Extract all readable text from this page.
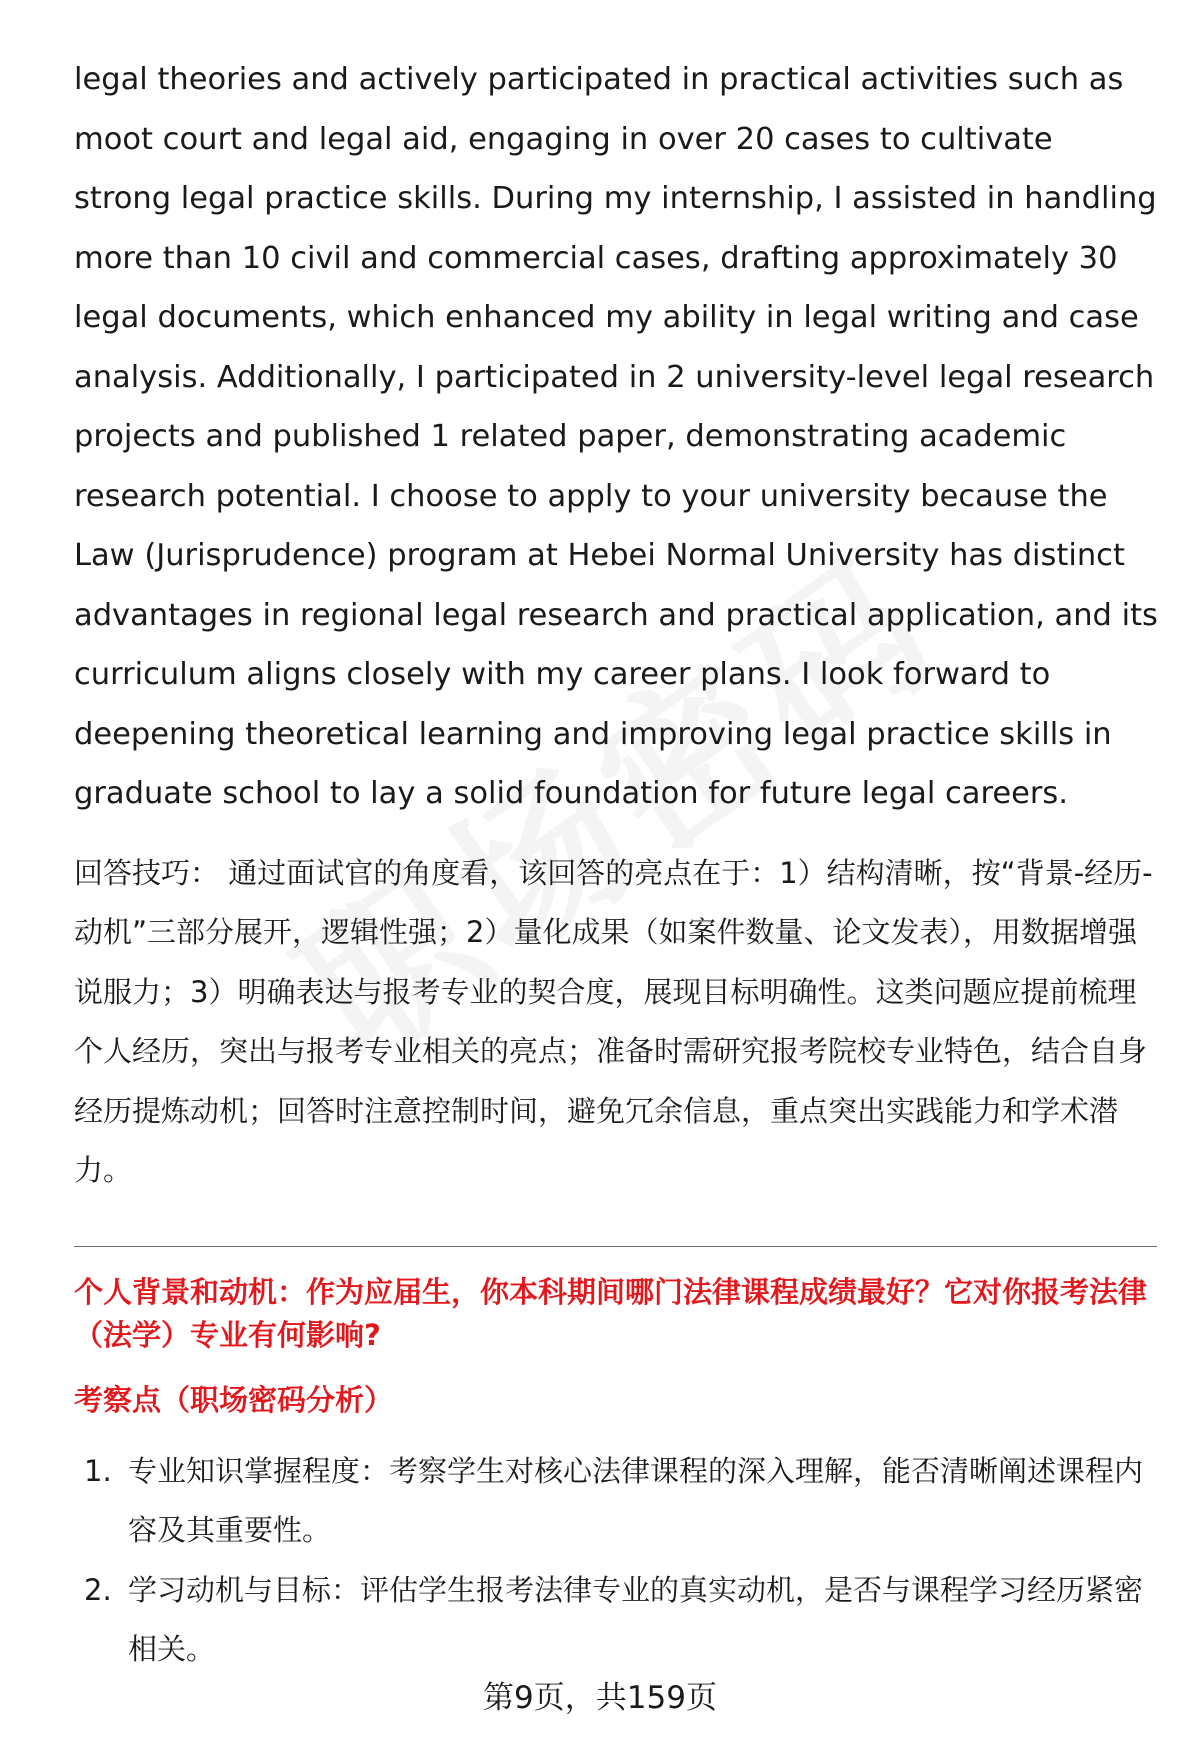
legal theories and actively participated in practical activities such as moot court and legal aid, engaging in over 20 cases to cultivate strong legal practice skills. During my internship, I assisted in handling more than 10 civil and commercial cases, drafting approximately 30 legal documents, which enhanced my ability in legal writing and case analysis. Additionally, I participated in 2 university-level legal research projects and published 1 related paper, demonstrating academic research potential. I choose to apply to your university because the Law (Jurisprudence) program at Hebei Normal University has distinct advantages in regional legal research and practical application, and its curriculum aligns closely with my career plans. I look forward to deepening theoretical learning and improving legal practice skills in graduate school to lay a solid foundation for future legal careers.

回答技巧： 通过面试官的角度看，该回答的亮点在于：1）结构清晰，按“背景-经历-动机”三部分展开，逻辑性强；2）量化成果（如案件数量、论文发表），用数据增强说服力；3）明确表达与报考专业的契合度，展现目标明确性。这类问题应提前梳理个人经历，突出与报考专业相关的亮点；准备时需研究报考院校专业特色，结合自身经历提炼动机；回答时注意控制时间，避免冗余信息，重点突出实践能力和学术潜力。

个人背景和动机：作为应届生，你本科期间哪门法律课程成绩最好？它对你报考法律（法学）专业有何影响?

考察点（职场密码分析）
1. 专业知识掌握程度：考察学生对核心法律课程的深入理解，能否清晰阐述课程内容及其重要性。
2. 学习动机与目标：评估学生报考法律专业的真实动机，是否与课程学习经历紧密相关。
第9页，共159页
